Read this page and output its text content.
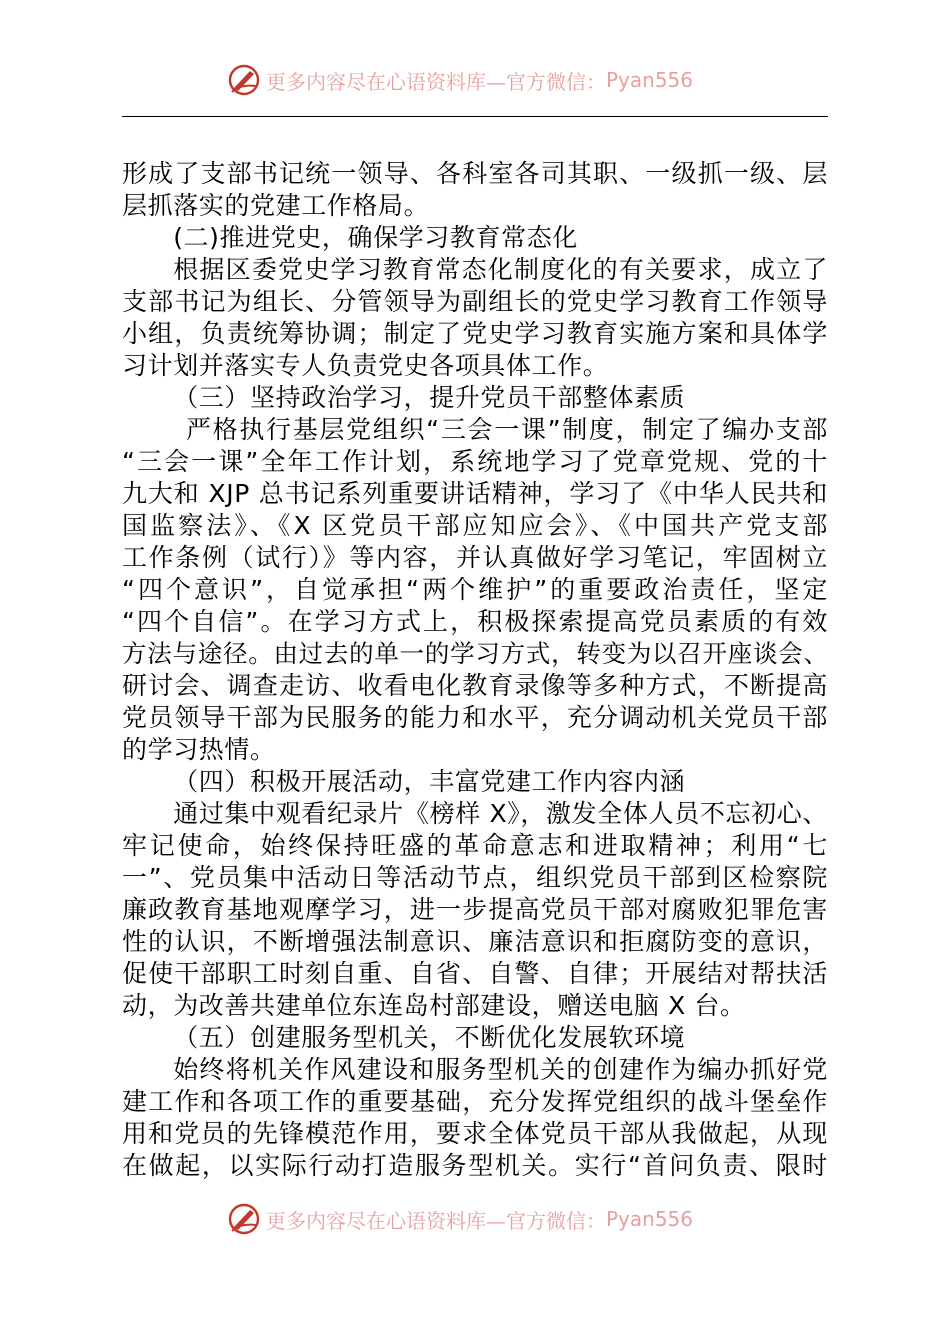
更多内容尽在心语资料库—官方微信： Pyan556
形成了支部书记统一领导、各科室各司其职、一级抓一级、层
层抓落实的党建工作格局。
(二)推进党史，确保学习教育常态化
根据区委党史学习教育常态化制度化的有关要求，成立了
支部书记为组长、分管领导为副组长的党史学习教育工作领导
小组，负责统筹协调；制定了党史学习教育实施方案和具体学
习计划并落实专人负责党史各项具体工作。
（三）坚持政治学习，提升党员干部整体素质
严格执行基层党组织“三会一课”制度，制定了编办支部
“三会一课”全年工作计划，系统地学习了党章党规、党的十
九大和 XJP 总书记系列重要讲话精神，学习了《中华人民共和
国监察法》、《X 区党员干部应知应会》、《中国共产党支部
工作条例（试行）》等内容，并认真做好学习笔记，牢固树立
“四个意识”，自觉承担“两个维护”的重要政治责任，坚定
“四个自信”。在学习方式上，积极探索提高党员素质的有效
方法与途径。由过去的单一的学习方式，转变为以召开座谈会、
研讨会、调查走访、收看电化教育录像等多种方式，不断提高
党员领导干部为民服务的能力和水平，充分调动机关党员干部
的学习热情。
（四）积极开展活动，丰富党建工作内容内涵
通过集中观看纪录片《榜样 X》，激发全体人员不忘初心、
牢记使命，始终保持旺盛的革命意志和进取精神；利用“七
一”、党员集中活动日等活动节点，组织党员干部到区检察院
廉政教育基地观摩学习，进一步提高党员干部对腐败犯罪危害
性的认识，不断增强法制意识、廉洁意识和拒腐防变的意识，
促使干部职工时刻自重、自省、自警、自律；开展结对帮扶活
动，为改善共建单位东连岛村部建设，赠送电脑 X 台。
（五）创建服务型机关，不断优化发展软环境
始终将机关作风建设和服务型机关的创建作为编办抓好党
建工作和各项工作的重要基础，充分发挥党组织的战斗堡垒作
用和党员的先锋模范作用，要求全体党员干部从我做起，从现
在做起，以实际行动打造服务型机关。实行“首问负责、限时
更多内容尽在心语资料库—官方微信： Pyan556
